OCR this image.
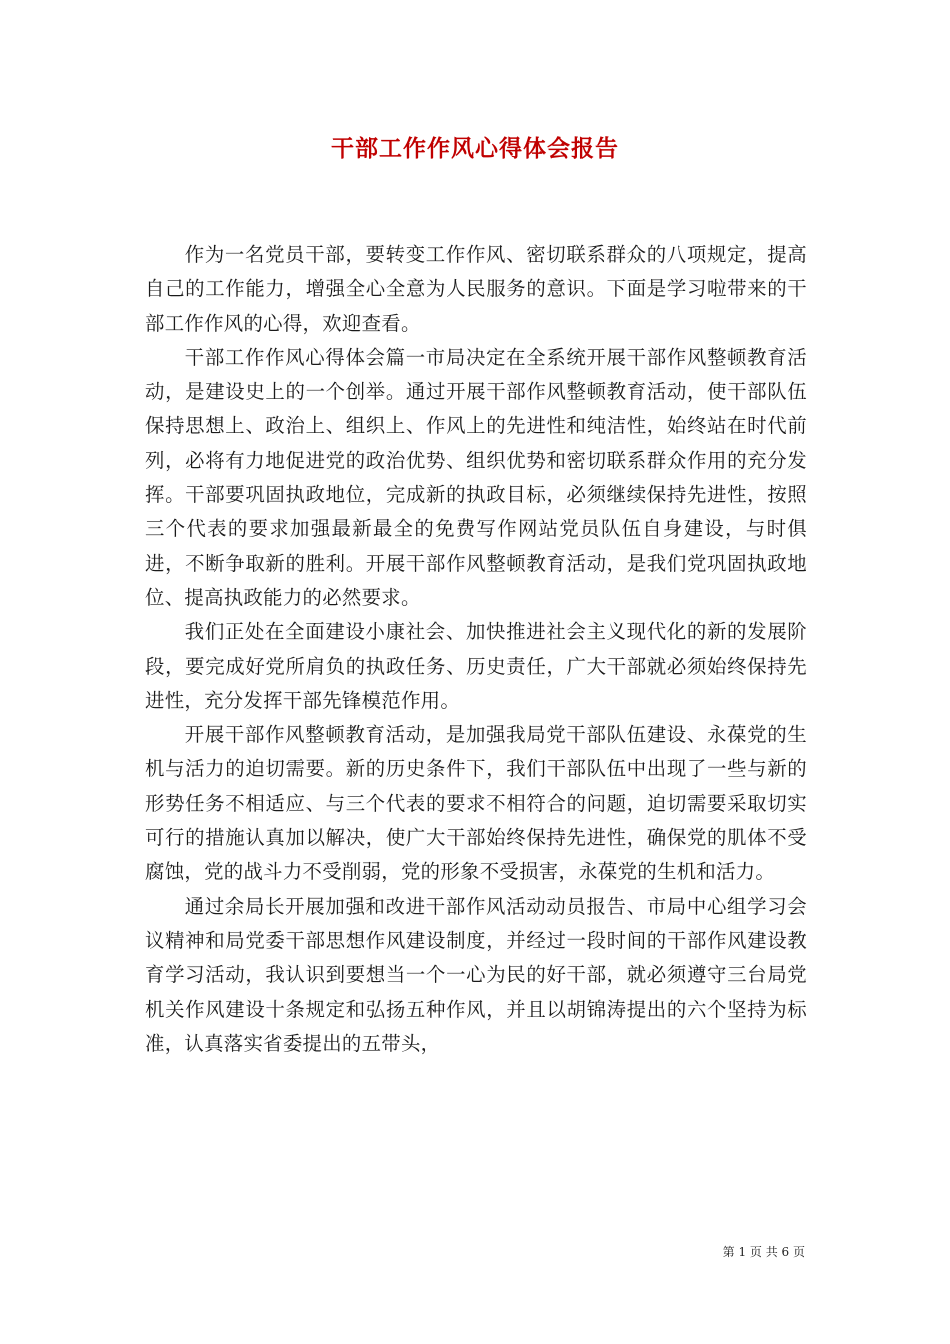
干部工作作风心得体会报告

作为一名党员干部，要转变工作作风、密切联系群众的八项规定，提高自己的工作能力，增强全心全意为人民服务的意识。下面是学习啦带来的干部工作作风的心得，欢迎查看。

干部工作作风心得体会篇一市局决定在全系统开展干部作风整顿教育活动，是建设史上的一个创举。通过开展干部作风整顿教育活动，使干部队伍保持思想上、政治上、组织上、作风上的先进性和纯洁性，始终站在时代前列，必将有力地促进党的政治优势、组织优势和密切联系群众作用的充分发挥。干部要巩固执政地位，完成新的执政目标，必须继续保持先进性，按照三个代表的要求加强最新最全的免费写作网站党员队伍自身建设，与时俱进，不断争取新的胜利。开展干部作风整顿教育活动，是我们党巩固执政地位、提高执政能力的必然要求。

我们正处在全面建设小康社会、加快推进社会主义现代化的新的发展阶段，要完成好党所肩负的执政任务、历史责任，广大干部就必须始终保持先进性，充分发挥干部先锋模范作用。

开展干部作风整顿教育活动，是加强我局党干部队伍建设、永葆党的生机与活力的迫切需要。新的历史条件下，我们干部队伍中出现了一些与新的形势任务不相适应、与三个代表的要求不相符合的问题，迫切需要采取切实可行的措施认真加以解决，使广大干部始终保持先进性，确保党的肌体不受腐蚀，党的战斗力不受削弱，党的形象不受损害，永葆党的生机和活力。

通过余局长开展加强和改进干部作风活动动员报告、市局中心组学习会议精神和局党委干部思想作风建设制度，并经过一段时间的干部作风建设教育学习活动，我认识到要想当一个一心为民的好干部，就必须遵守三台局党机关作风建设十条规定和弘扬五种作风，并且以胡锦涛提出的六个坚持为标准，认真落实省委提出的五带头，

第 1 页 共 6 页
